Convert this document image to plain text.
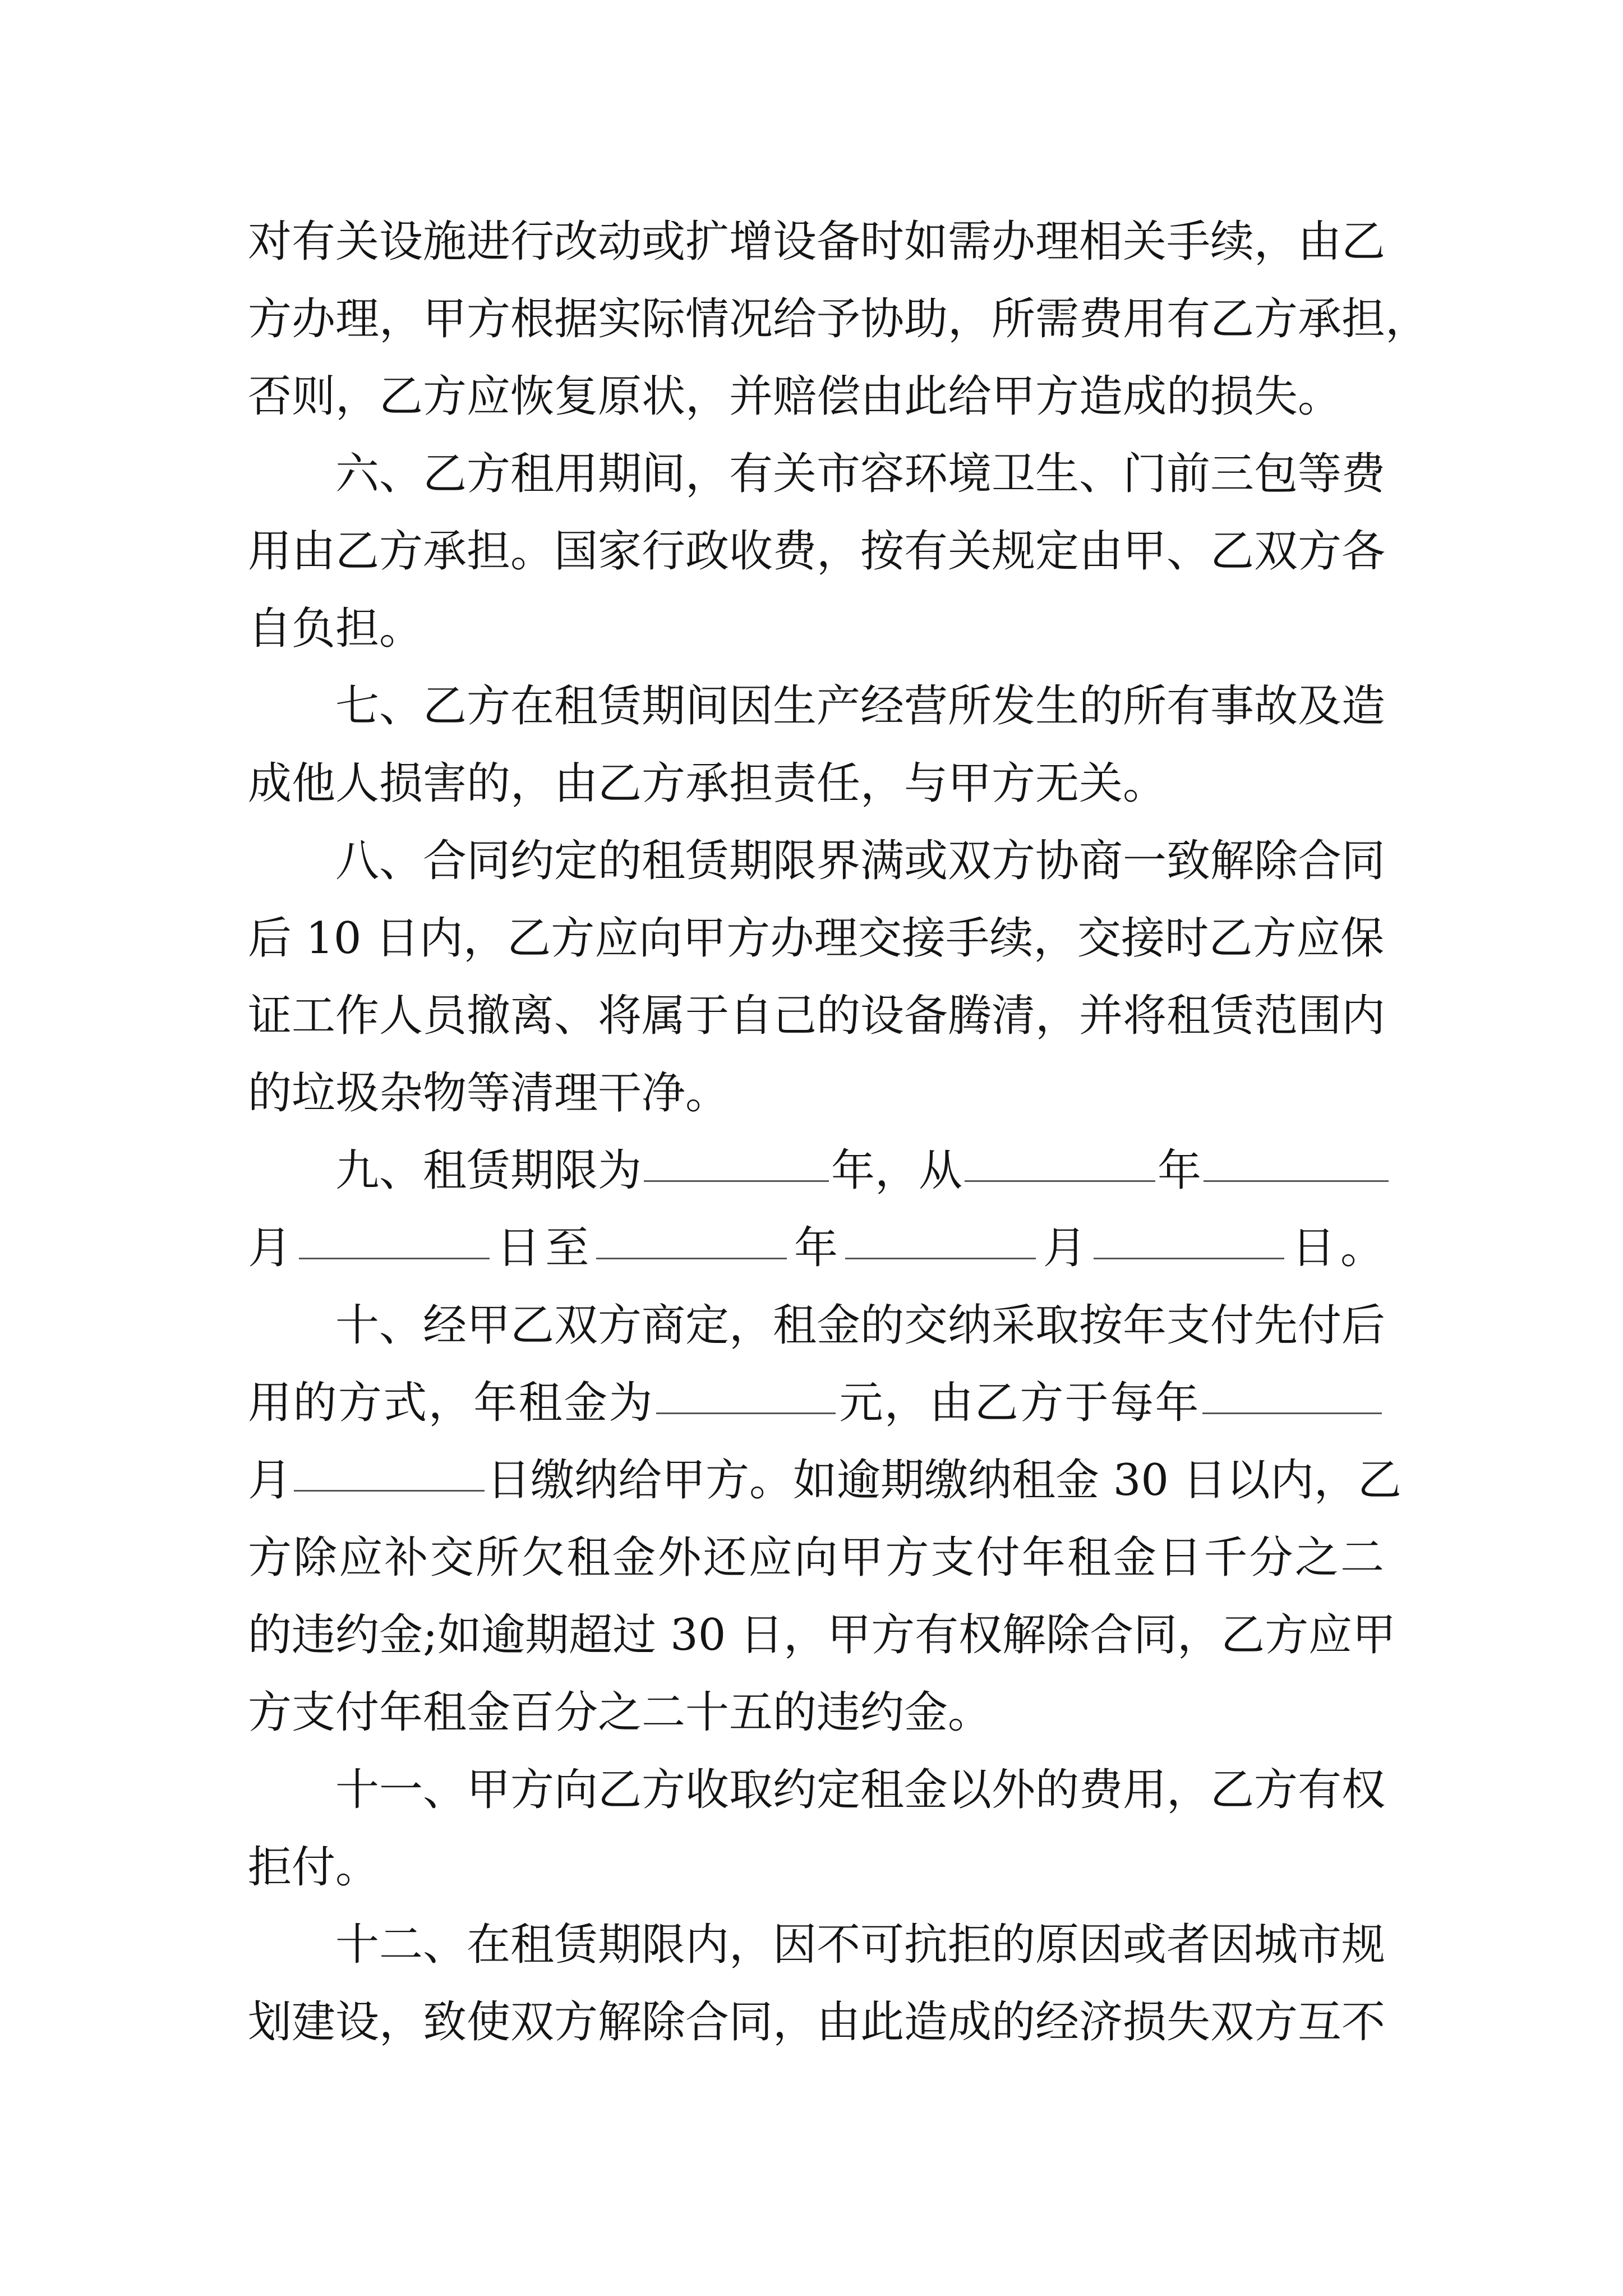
对有关设施进行改动或扩增设备时如需办理相关手续，由乙
方办理，甲方根据实际情况给予协助，所需费用有乙方承担，
否则，乙方应恢复原状，并赔偿由此给甲方造成的损失。
六、乙方租用期间，有关市容环境卫生、门前三包等费
用由乙方承担。国家行政收费，按有关规定由甲、乙双方各
自负担。
七、乙方在租赁期间因生产经营所发生的所有事故及造
成他人损害的，由乙方承担责任，与甲方无关。
八、合同约定的租赁期限界满或双方协商一致解除合同
后 10 日内，乙方应向甲方办理交接手续，交接时乙方应保
证工作人员撤离、将属于自己的设备腾清，并将租赁范围内
的垃圾杂物等清理干净。
九、租赁期限为	年，从	年
月	日至	年	月	日。
十、经甲乙双方商定，租金的交纳采取按年支付先付后
用的方式，年租金为	元，由乙方于每年
月	日缴纳给甲方。如逾期缴纳租金 30 日以内，乙
方除应补交所欠租金外还应向甲方支付年租金日千分之二
的违约金;如逾期超过 30 日，甲方有权解除合同，乙方应甲
方支付年租金百分之二十五的违约金。
十一、甲方向乙方收取约定租金以外的费用，乙方有权
拒付。
十二、在租赁期限内，因不可抗拒的原因或者因城市规
划建设，致使双方解除合同，由此造成的经济损失双方互不
